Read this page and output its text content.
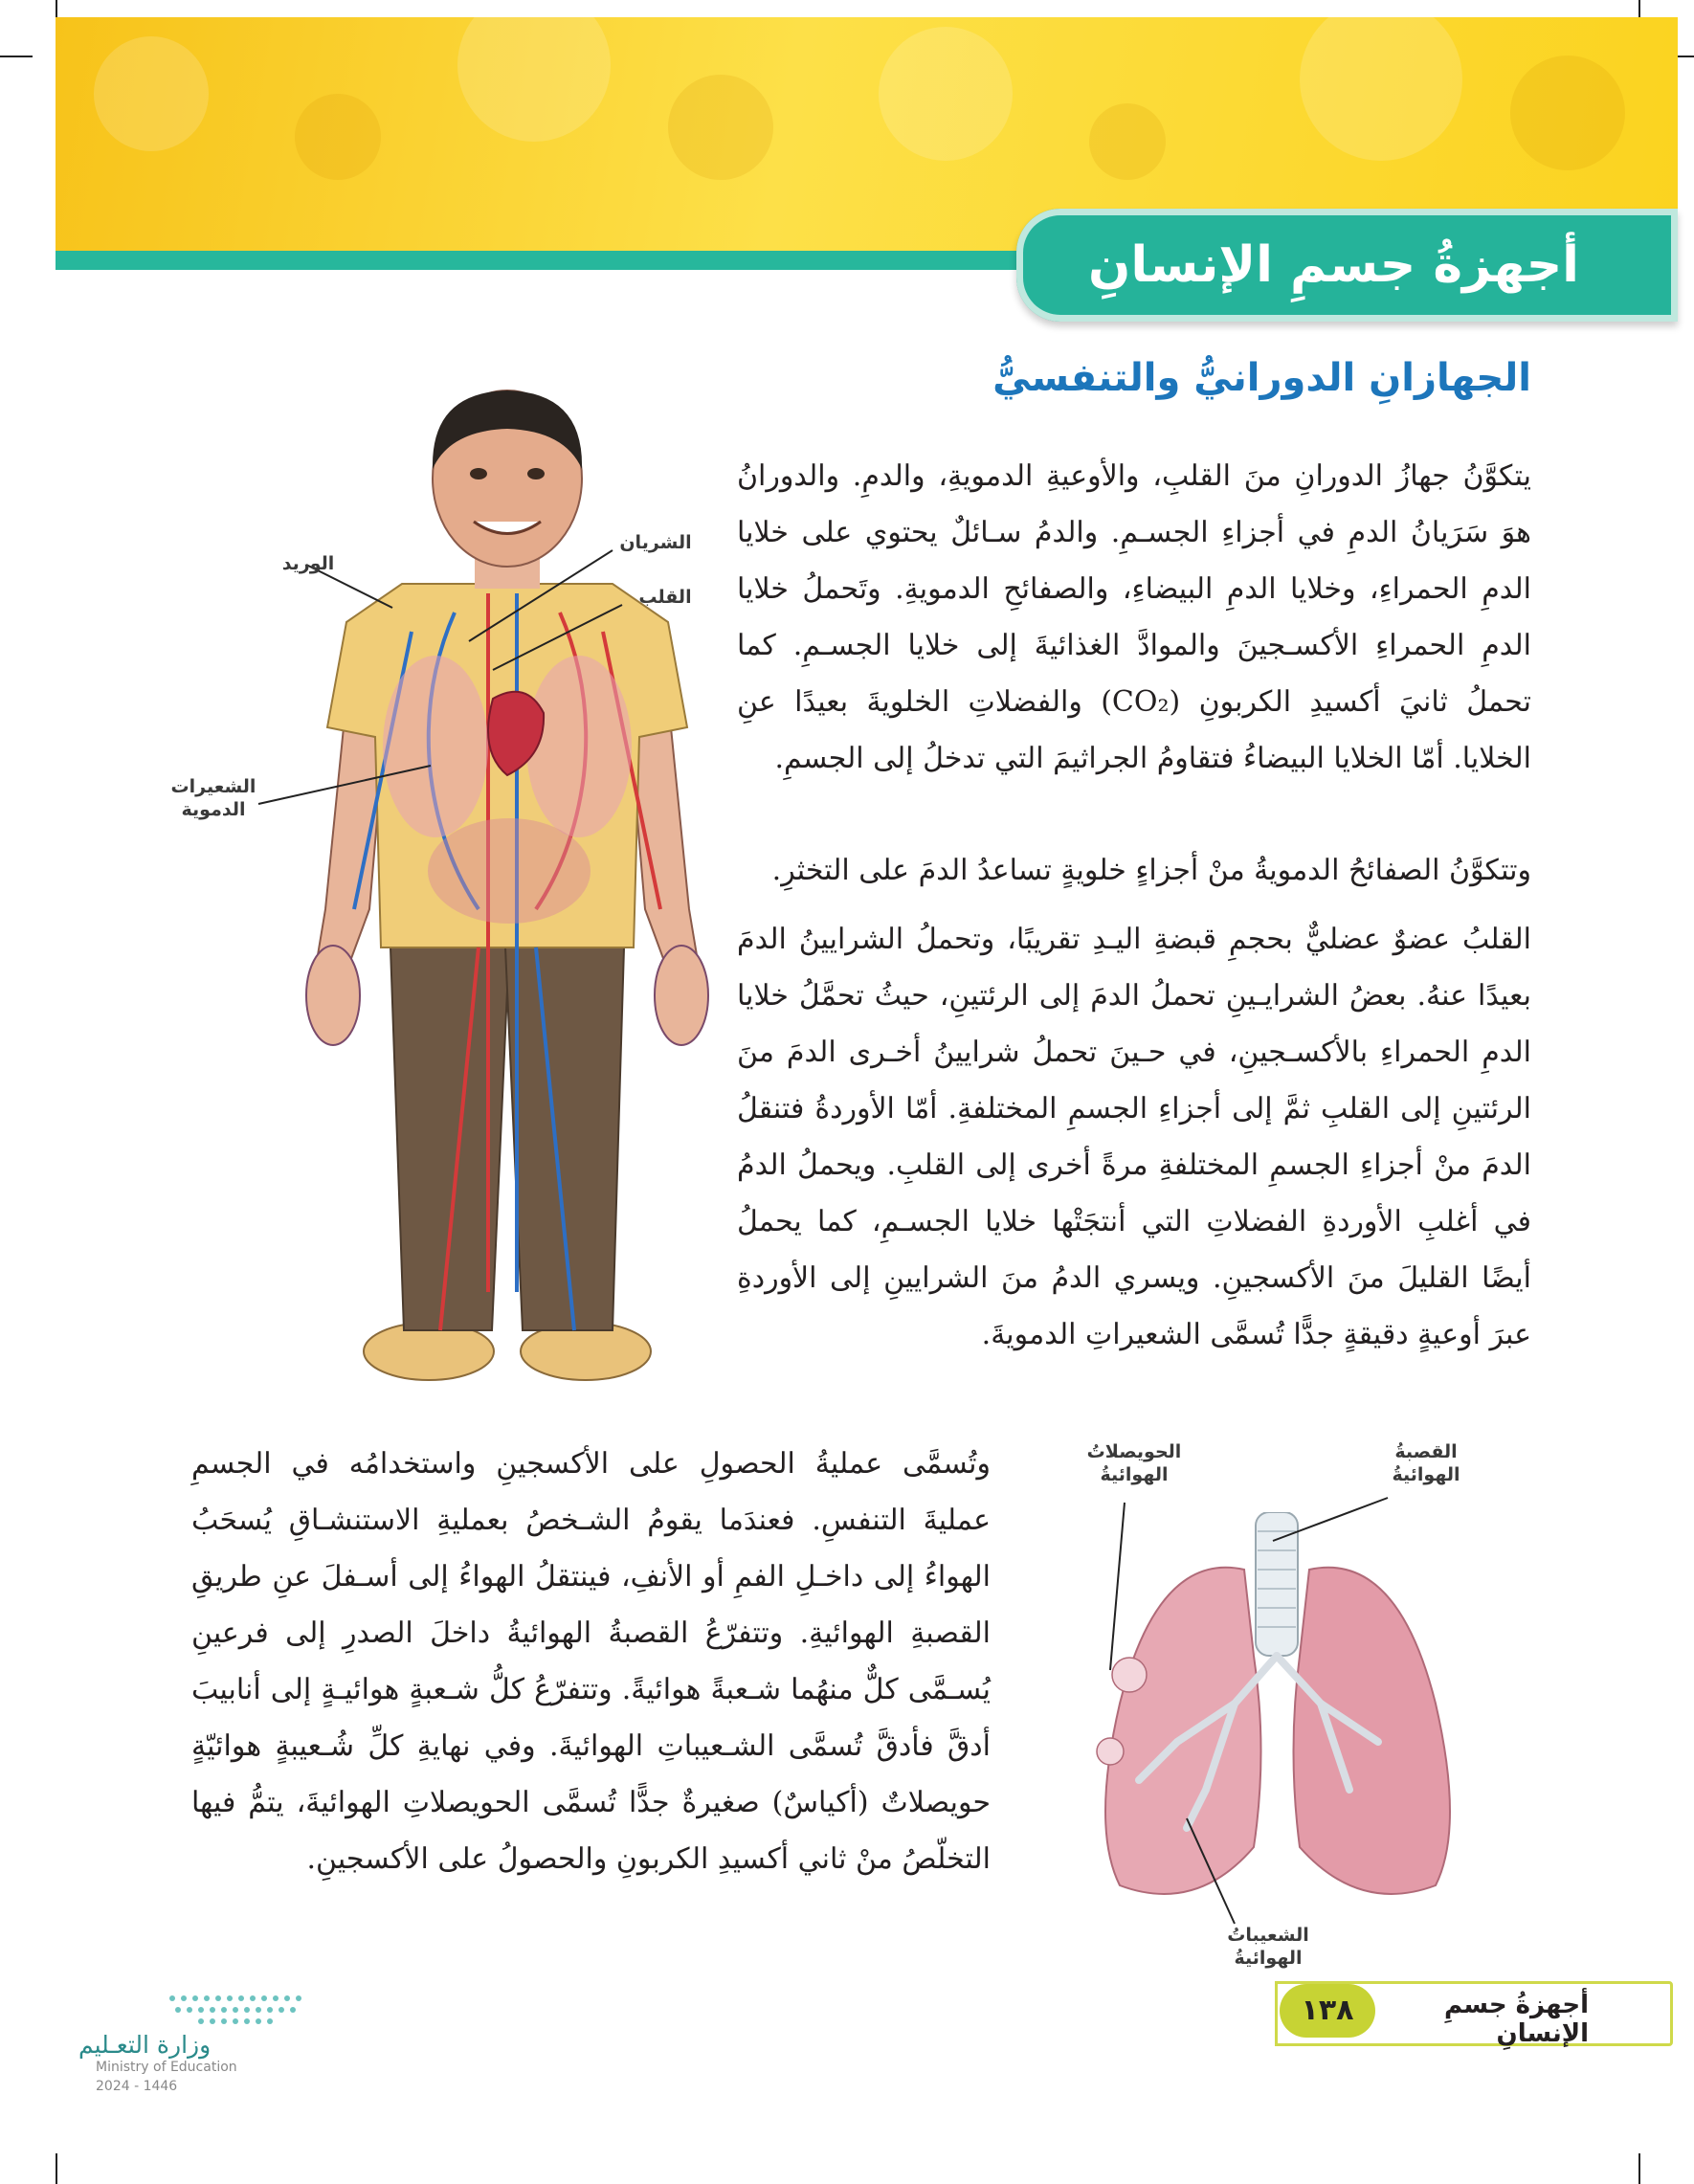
أجهزةُ جسمِ الإنسانِ
الجهازانِ الدورانيُّ والتنفسيُّ

يتكوَّنُ جهازُ الدورانِ منَ القلبِ، والأوعيةِ الدمويةِ، والدمِ. والدورانُ هوَ سَرَيانُ الدمِ في أجزاءِ الجسـمِ. والدمُ سـائلٌ يحتوي على خلايا الدمِ الحمراءِ، وخلايا الدمِ البيضاءِ، والصفائحِ الدمويةِ. وتَحملُ خلايا الدمِ الحمراءِ الأكسـجينَ والموادَّ الغذائيةَ إلى خلايا الجسـمِ. كما تحملُ ثانيَ أكسيدِ الكربونِ (CO₂) والفضلاتِ الخلويةَ بعيدًا عنِ الخلايا. أمّا الخلايا البيضاءُ فتقاومُ الجراثيمَ التي تدخلُ إلى الجسمِ.

وتتكوَّنُ الصفائحُ الدمويةُ منْ أجزاءٍ خلويةٍ تساعدُ الدمَ على التخثرِ.

القلبُ عضوٌ عضليٌّ بحجمِ قبضةِ اليـدِ تقريبًا، وتحملُ الشرايينُ الدمَ بعيدًا عنهُ. بعضُ الشرايـينِ تحملُ الدمَ إلى الرئتينِ، حيثُ تحمَّلُ خلايا الدمِ الحمراءِ بالأكسـجينِ، في حـينَ تحملُ شرايينُ أخـرى الدمَ منَ الرئتينِ إلى القلبِ ثمَّ إلى أجزاءِ الجسمِ المختلفةِ. أمّا الأوردةُ فتنقلُ الدمَ منْ أجزاءِ الجسمِ المختلفةِ مرةً أخرى إلى القلبِ. ويحملُ الدمُ في أغلبِ الأوردةِ الفضلاتِ التي أنتجَتْها خلايا الجسـمِ، كما يحملُ أيضًا القليلَ منَ الأكسجينِ. ويسري الدمُ منَ الشرايينِ إلى الأوردةِ عبرَ أوعيةٍ دقيقةٍ جدًّا تُسمَّى الشعيراتِ الدمويةَ.

وتُسمَّى عمليةُ الحصولِ على الأكسجينِ واستخدامُه في الجسمِ عمليةَ التنفسِ. فعندَما يقومُ الشـخصُ بعمليةِ الاستنشـاقِ يُسحَبُ الهواءُ إلى داخـلِ الفمِ أو الأنفِ، فينتقلُ الهواءُ إلى أسـفلَ عنِ طريقِ القصبةِ الهوائيةِ. وتتفرّعُ القصبةُ الهوائيةُ داخلَ الصدرِ إلى فرعينِ يُسـمَّى كلٌّ منهُما شـعبةً هوائيةً. وتتفرّعُ كلُّ شـعبةٍ هوائيـةٍ إلى أنابيبَ أدقَّ فأدقَّ تُسمَّى الشـعيباتِ الهوائيةَ. وفي نهايةِ كلِّ شُـعيبةٍ هوائيّةٍ حويصلاتٌ (أكياسٌ) صغيرةٌ جدًّا تُسمَّى الحويصلاتِ الهوائيةَ، يتمُّ فيها التخلّصُ منْ ثاني أكسيدِ الكربونِ والحصولُ على الأكسجينِ.

الوريد
الشريان
القلب
الشعيرات الدموية
الحويصلاتُ الهوائيةُ
القصبةُ الهوائيةُ
الشعيباتُ الهوائيةُ
أجهزةُ جسمِ الإنسانِ
١٣٨
وزارة التعـليم
Ministry of Education
2024 - 1446
